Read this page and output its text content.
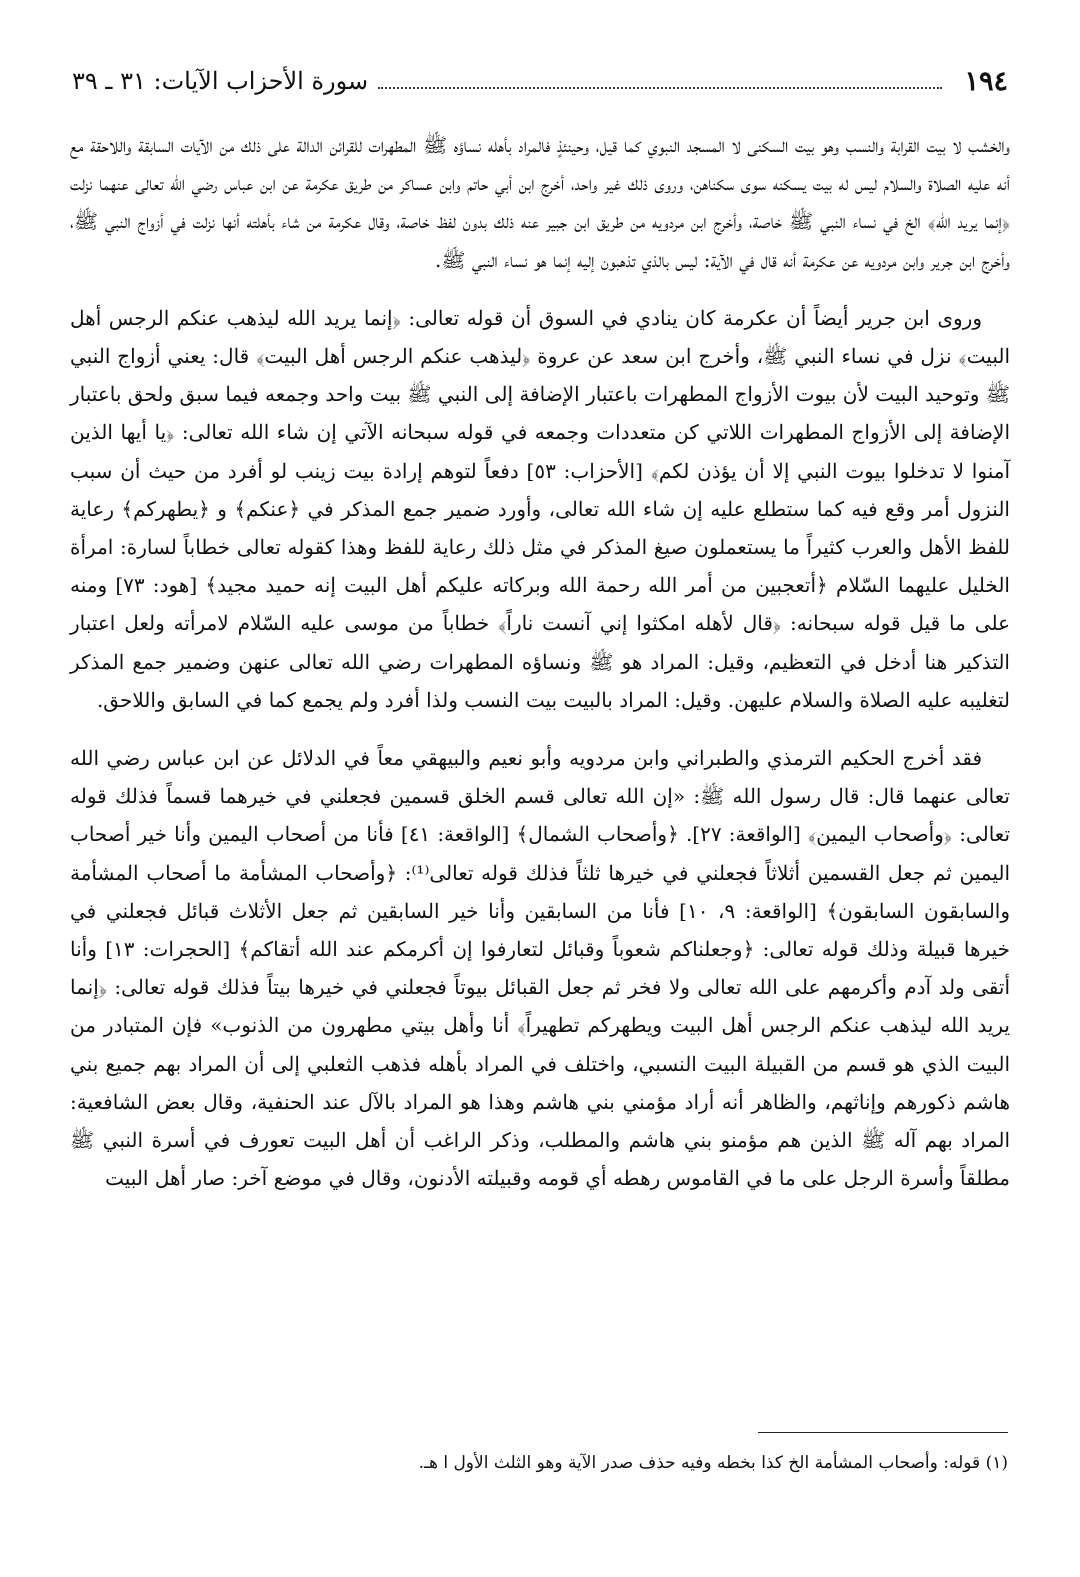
١٩٤
سورة الأحزاب الآيات: ٣١ ـ ٣٩

والخشب لا بيت القرابة والنسب وهو بيت السكنى لا المسجد النبوي كما قيل، وحينئذٍ فالمراد بأهله نساؤه ﷺ المطهرات للقرائن الدالة على ذلك من الآيات السابقة واللاحقة مع أنه عليه الصلاة والسلام ليس له بيت يسكنه سوى سكناهن، وروى ذلك غير واحد، أخرج ابن أبي حاتم وابن عساكر من طريق عكرمة عن ابن عباس رضي الله تعالى عنهما نزلت ﴿إنما يريد الله﴾ الخ في نساء النبي ﷺ خاصة، وأخرج ابن مردويه من طريق ابن جبير عنه ذلك بدون لفظ خاصة، وقال عكرمة من شاء بأهلته أنها نزلت في أزواج النبي ﷺ، وأخرج ابن جرير وابن مردويه عن عكرمة أنه قال في الآية: ليس بالذي تذهبون إليه إنما هو نساء النبي ﷺ.

وروى ابن جرير أيضاً أن عكرمة كان ينادي في السوق أن قوله تعالى: ﴿إنما يريد الله ليذهب عنكم الرجس أهل البيت﴾ نزل في نساء النبي ﷺ، وأخرج ابن سعد عن عروة ﴿ليذهب عنكم الرجس أهل البيت﴾ قال: يعني أزواج النبي ﷺ وتوحيد البيت لأن بيوت الأزواج المطهرات باعتبار الإضافة إلى النبي ﷺ بيت واحد وجمعه فيما سبق ولحق باعتبار الإضافة إلى الأزواج المطهرات اللاتي كن متعددات وجمعه في قوله سبحانه الآتي إن شاء الله تعالى: ﴿يا أيها الذين آمنوا لا تدخلوا بيوت النبي إلا أن يؤذن لكم﴾ [الأحزاب: ٥٣] دفعاً لتوهم إرادة بيت زينب لو أفرد من حيث أن سبب النزول أمر وقع فيه كما ستطلع عليه إن شاء الله تعالى، وأورد ضمير جمع المذكر في ﴿عنكم﴾ و ﴿يطهركم﴾ رعاية للفظ الأهل والعرب كثيراً ما يستعملون صيغ المذكر في مثل ذلك رعاية للفظ وهذا كقوله تعالى خطاباً لسارة: امرأة الخليل عليهما السّلام ﴿أتعجبين من أمر الله رحمة الله وبركاته عليكم أهل البيت إنه حميد مجيد﴾ [هود: ٧٣] ومنه على ما قيل قوله سبحانه: ﴿قال لأهله امكثوا إني آنست ناراً﴾ خطاباً من موسى عليه السّلام لامرأته ولعل اعتبار التذكير هنا أدخل في التعظيم، وقيل: المراد هو ﷺ ونساؤه المطهرات رضي الله تعالى عنهن وضمير جمع المذكر لتغليبه عليه الصلاة والسلام عليهن. وقيل: المراد بالبيت بيت النسب ولذا أفرد ولم يجمع كما في السابق واللاحق.

فقد أخرج الحكيم الترمذي والطبراني وابن مردويه وأبو نعيم والبيهقي معاً في الدلائل عن ابن عباس رضي الله تعالى عنهما قال: قال رسول الله ﷺ: «إن الله تعالى قسم الخلق قسمين فجعلني في خيرهما قسماً فذلك قوله تعالى: ﴿وأصحاب اليمين﴾ [الواقعة: ٢٧]. ﴿وأصحاب الشمال﴾ [الواقعة: ٤١] فأنا من أصحاب اليمين وأنا خير أصحاب اليمين ثم جعل القسمين أثلاثاً فجعلني في خيرها ثلثاً فذلك قوله تعالى⁽¹⁾: ﴿وأصحاب المشأمة ما أصحاب المشأمة والسابقون السابقون﴾ [الواقعة: ٩، ١٠] فأنا من السابقين وأنا خير السابقين ثم جعل الأثلاث قبائل فجعلني في خيرها قبيلة وذلك قوله تعالى: ﴿وجعلناكم شعوباً وقبائل لتعارفوا إن أكرمكم عند الله أتقاكم﴾ [الحجرات: ١٣] وأنا أتقى ولد آدم وأكرمهم على الله تعالى ولا فخر ثم جعل القبائل بيوتاً فجعلني في خيرها بيتاً فذلك قوله تعالى: ﴿إنما يريد الله ليذهب عنكم الرجس أهل البيت ويطهركم تطهيراً﴾ أنا وأهل بيتي مطهرون من الذنوب» فإن المتبادر من البيت الذي هو قسم من القبيلة البيت النسبي، واختلف في المراد بأهله فذهب الثعلبي إلى أن المراد بهم جميع بني هاشم ذكورهم وإناثهم، والظاهر أنه أراد مؤمني بني هاشم وهذا هو المراد بالآل عند الحنفية، وقال بعض الشافعية: المراد بهم آله ﷺ الذين هم مؤمنو بني هاشم والمطلب، وذكر الراغب أن أهل البيت تعورف في أسرة النبي ﷺ مطلقاً وأسرة الرجل على ما في القاموس رهطه أي قومه وقبيلته الأدنون، وقال في موضع آخر: صار أهل البيت

(١) قوله: وأصحاب المشأمة الخ كذا بخطه وفيه حذف صدر الآية وهو الثلث الأول ا هـ.
